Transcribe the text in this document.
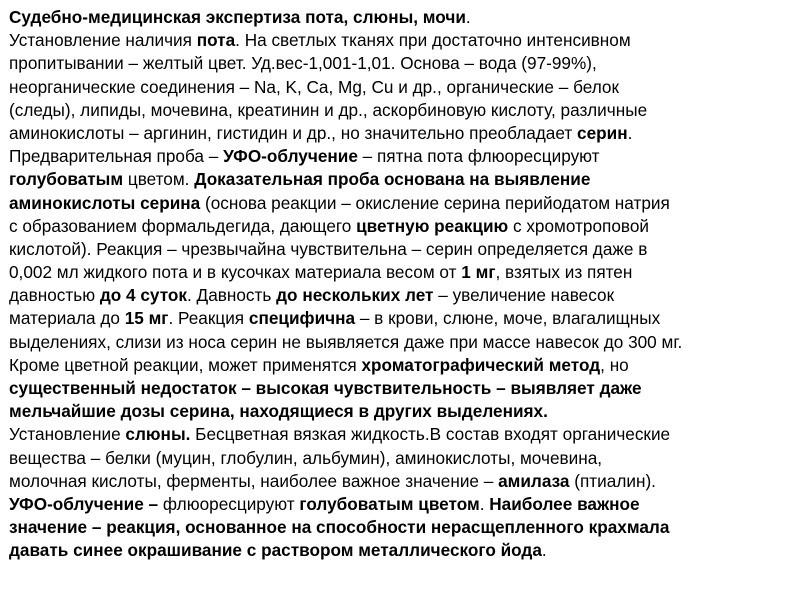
Судебно-медицинская экспертиза пота, слюны, мочи.
Установление наличия пота. На светлых тканях при достаточно интенсивном
пропитывании – желтый цвет. Уд.вес-1,001-1,01. Основа – вода (97-99%),
неорганические соединения – Na, K, Ca, Mg, Cu и др., органические – белок
(следы), липиды, мочевина, креатинин и др., аскорбиновую кислоту, различные
аминокислоты – аргинин, гистидин и др., но значительно преобладает серин.
Предварительная проба – УФО-облучение – пятна пота флюоресцируют
голубоватым цветом. Доказательная проба основана на выявление
аминокислоты серина (основа реакции – окисление серина перийодатом натрия
с образованием формальдегида, дающего цветную реакцию с хромотроповой
кислотой). Реакция – чрезвычайна чувствительна – серин определяется даже в
0,002 мл жидкого пота и в кусочках материала весом от 1 мг, взятых из пятен
давностью до 4 суток. Давность до нескольких лет – увеличение навесок
материала до 15 мг. Реакция специфична – в крови, слюне, моче, влагалищных
выделениях, слизи из носа серин не выявляется даже при массе навесок до 300 мг.
Кроме цветной реакции, может применятся хроматографический метод, но
существенный недостаток – высокая чувствительность – выявляет даже
мельчайшие дозы серина, находящиеся в других выделениях.
Установление слюны. Бесцветная вязкая жидкость.В состав входят органические
вещества – белки (муцин, глобулин, альбумин), аминокислоты, мочевина,
молочная кислоты, ферменты, наиболее важное значение – амилаза (птиалин).
УФО-облучение – флюоресцируют голубоватым цветом. Наиболее важное
значение – реакция, основанное на способности нерасщепленного крахмала
давать синее окрашивание с раствором металлического йода.
